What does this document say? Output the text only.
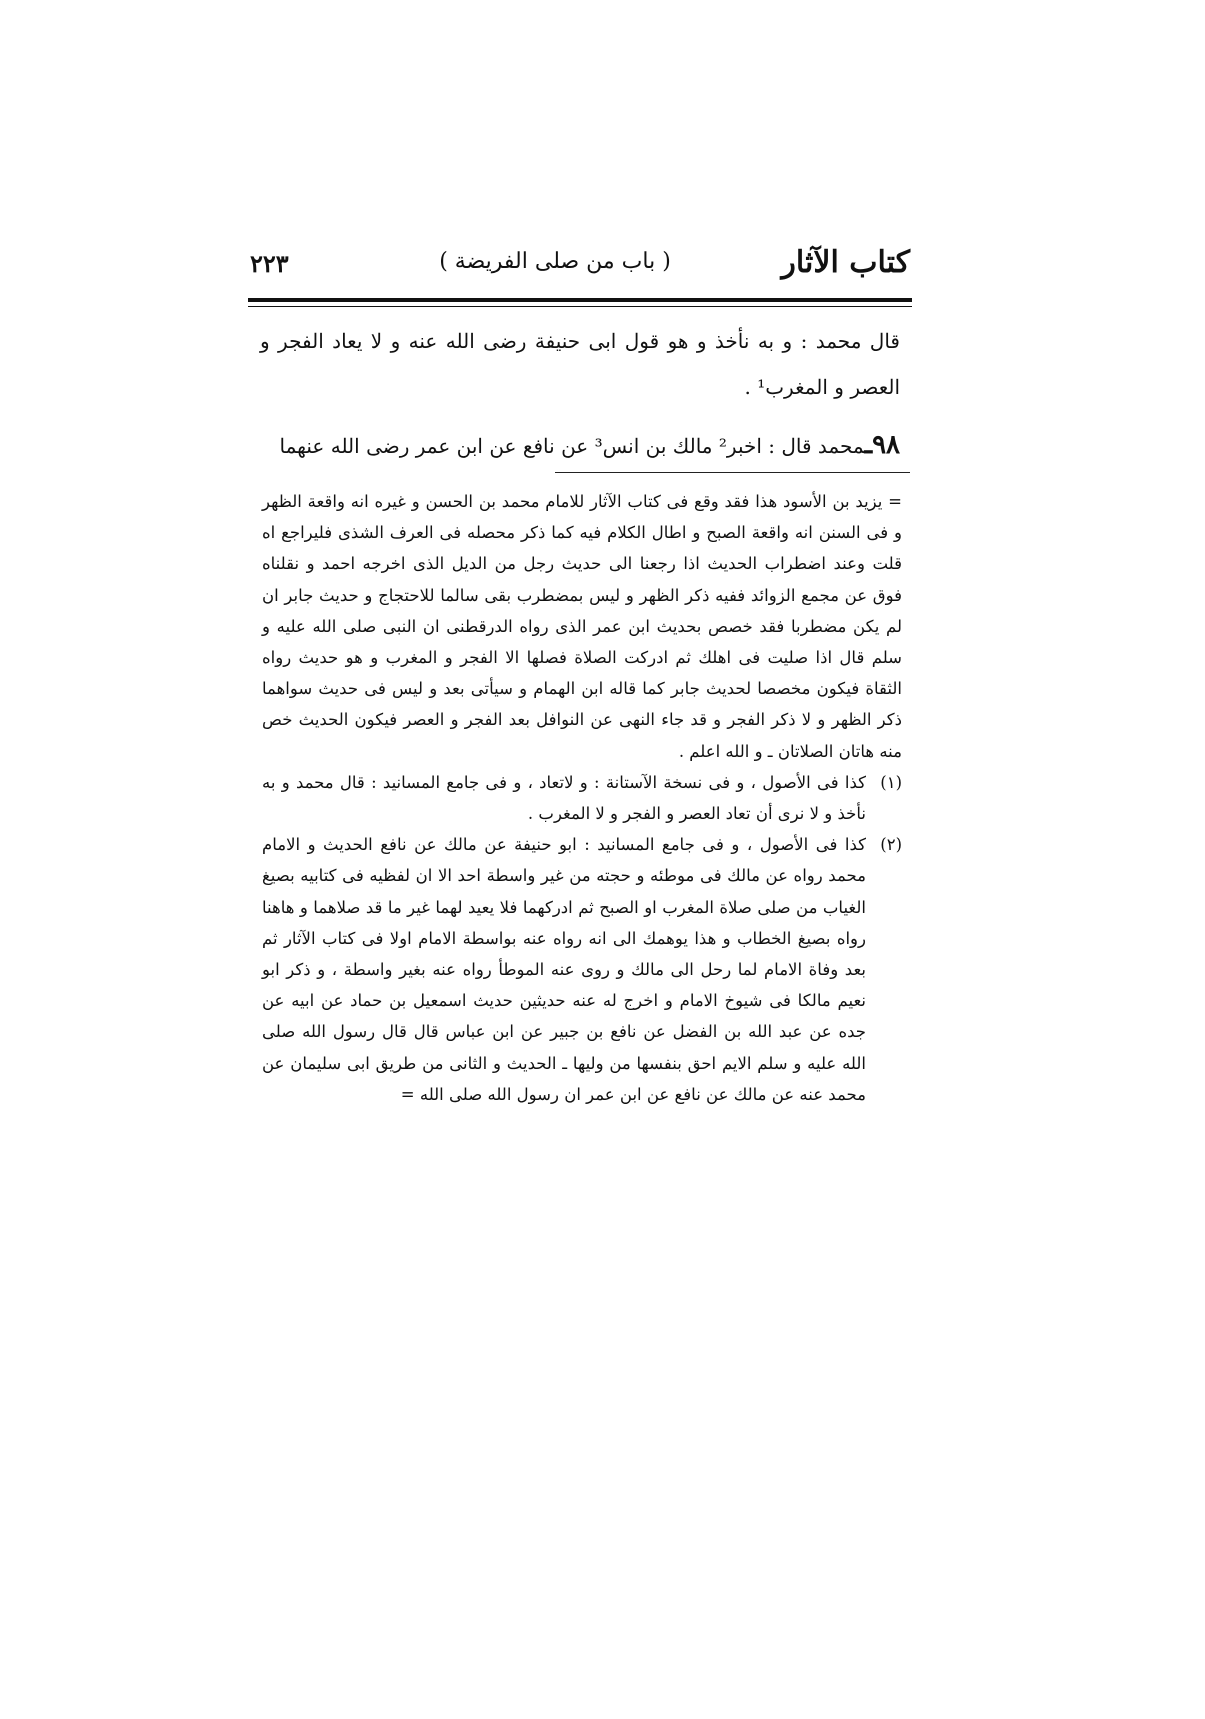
كتاب الآثار
( باب من صلى الفريضة )
٢٢٣

قال محمد : و به نأخذ و هو قول ابى حنيفة رضى الله عنه و لا يعاد الفجر و العصر و المغرب¹ .

٩٨ـمحمد قال : اخبر² مالك بن انس³ عن نافع عن ابن عمر رضى الله عنهما

= يزيد بن الأسود هذا فقد وقع فى كتاب الآثار للامام محمد بن الحسن و غيره انه واقعة الظهر و فى السنن انه واقعة الصبح و اطال الكلام فيه كما ذكر محصله فى العرف الشذى فليراجع اه قلت وعند اضطراب الحديث اذا رجعنا الى حديث رجل من الديل الذى اخرجه احمد و نقلناه فوق عن مجمع الزوائد ففيه ذكر الظهر و ليس بمضطرب بقى سالما للاحتجاج و حديث جابر ان لم يكن مضطربا فقد خصص بحديث ابن عمر الذى رواه الدرقطنى ان النبى صلى الله عليه و سلم قال اذا صليت فى اهلك ثم ادركت الصلاة فصلها الا الفجر و المغرب و هو حديث رواه الثقاة فيكون مخصصا لحديث جابر كما قاله ابن الهمام و سيأتى بعد و ليس فى حديث سواهما ذكر الظهر و لا ذكر الفجر و قد جاء النهى عن النوافل بعد الفجر و العصر فيكون الحديث خص منه هاتان الصلاتان ـ و الله اعلم .

(١)

كذا فى الأصول ، و فى نسخة الآستانة : و لاتعاد ، و فى جامع المسانيد : قال محمد و به نأخذ و لا نرى أن تعاد العصر و الفجر و لا المغرب .

(٢)

كذا فى الأصول ، و فى جامع المسانيد : ابو حنيفة عن مالك عن نافع الحديث و الامام محمد رواه عن مالك فى موطئه و حجته من غير واسطة احد الا ان لفظيه فى كتابيه بصيغ الغياب من صلى صلاة المغرب او الصبح ثم ادركهما فلا يعيد لهما غير ما قد صلاهما و هاهنا رواه بصيغ الخطاب و هذا يوهمك الى انه رواه عنه بواسطة الامام اولا فى كتاب الآثار ثم بعد وفاة الامام لما رحل الى مالك و روى عنه الموطأ رواه عنه بغير واسطة ، و ذكر ابو نعيم مالكا فى شيوخ الامام و اخرج له عنه حديثين حديث اسمعيل بن حماد عن ابيه عن جده عن عبد الله بن الفضل عن نافع بن جبير عن ابن عباس قال قال رسول الله صلى الله عليه و سلم الايم احق بنفسها من وليها ـ الحديث و الثانى من طريق ابى سليمان عن محمد عنه عن مالك عن نافع عن ابن عمر ان رسول الله صلى الله =
